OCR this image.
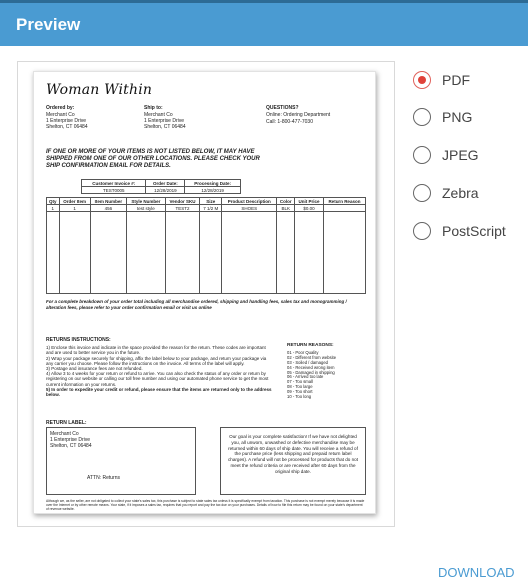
Preview
Woman Within
Ordered by:
Merchant Co
1 Enterprise Drive
Shelton, CT 06484
Ship to:
Merchant Co
1 Enterprise Drive
Shelton, CT 06484
QUESTIONS?
Online: Ordering Department
Call: 1-800-477-7030
IF ONE OR MORE OF YOUR ITEMS IS NOT LISTED BELOW, IT MAY HAVE SHIPPED FROM ONE OF OUR OTHER LOCATIONS. PLEASE CHECK YOUR SHIP CONFIRMATION EMAIL FOR DETAILS.
Customer Invoice #:	Order Date:	Processing Date:
TEST0005	12/28/2019	12/28/2019
Qty	Order Item	Item Number	Style Number	Vendor SKU	Size	Product Description	Color	Unit Price	Return Reason
1	1	456	test style	TEST2	7 1/2 M	SHOES	BLK	$0.00	

For a complete breakdown of your order total including all merchandise ordered, shipping and handling fees, sales tax and monogramming / alteration fees, please refer to your order confirmation email or visit us online
RETURNS INSTRUCTIONS:
1) Enclose this invoice and indicate in the space provided the reason for the return. These codes are important and are used to better service you in the future.
2) Wrap your package securely for shipping, affix the label below to your package, and return your package via any carrier you choose. Please follow the instructions on the invoice. All terms of the label will apply.
3) Postage and insurance fees are not refunded.
4) Allow 3 to 4 weeks for your return or refund to arrive. You can also check the status of any order or return by registering on our website or calling our toll free number and using our automated phone service to get the most current information on your returns.
5) In order to expedite your credit or refund, please ensure that the items are returned only to the address below.
RETURN REASONS:
01 - Poor Quality
02 - Different from website
03 - Soiled / damaged
04 - Received wrong item
05 - Damaged in shipping
06 - Arrived too late
07 - Too small
08 - Too large
09 - Too short
10 - Too long
RETURN LABEL:
Merchant Co
1 Enterprise Drive
Shelton, CT 06484
ATTN: Returns
Our goal is your complete satisfaction! If we have not delighted you, all unworn, unwashed or defective merchandise may be returned within 60 days of ship date. You will receive a refund of the purchase price (less shipping and prepaid return label charges). A refund will not be processed for products that do not meet the refund criteria or are received after 60 days from the original ship date.
Although we, as the seller, are not obligated to collect your state's sales tax, this purchase is subject to state sales tax unless it is specifically exempt from taxation. This purchase is not exempt merely because it is made over the Internet or by other remote means. Your state, if it imposes a sales tax, requires that you report and pay the tax due on your purchases. Details of how to file this return may be found on your state's department of revenue website.
PDF
PNG
JPEG
Zebra
PostScript
DOWNLOAD
